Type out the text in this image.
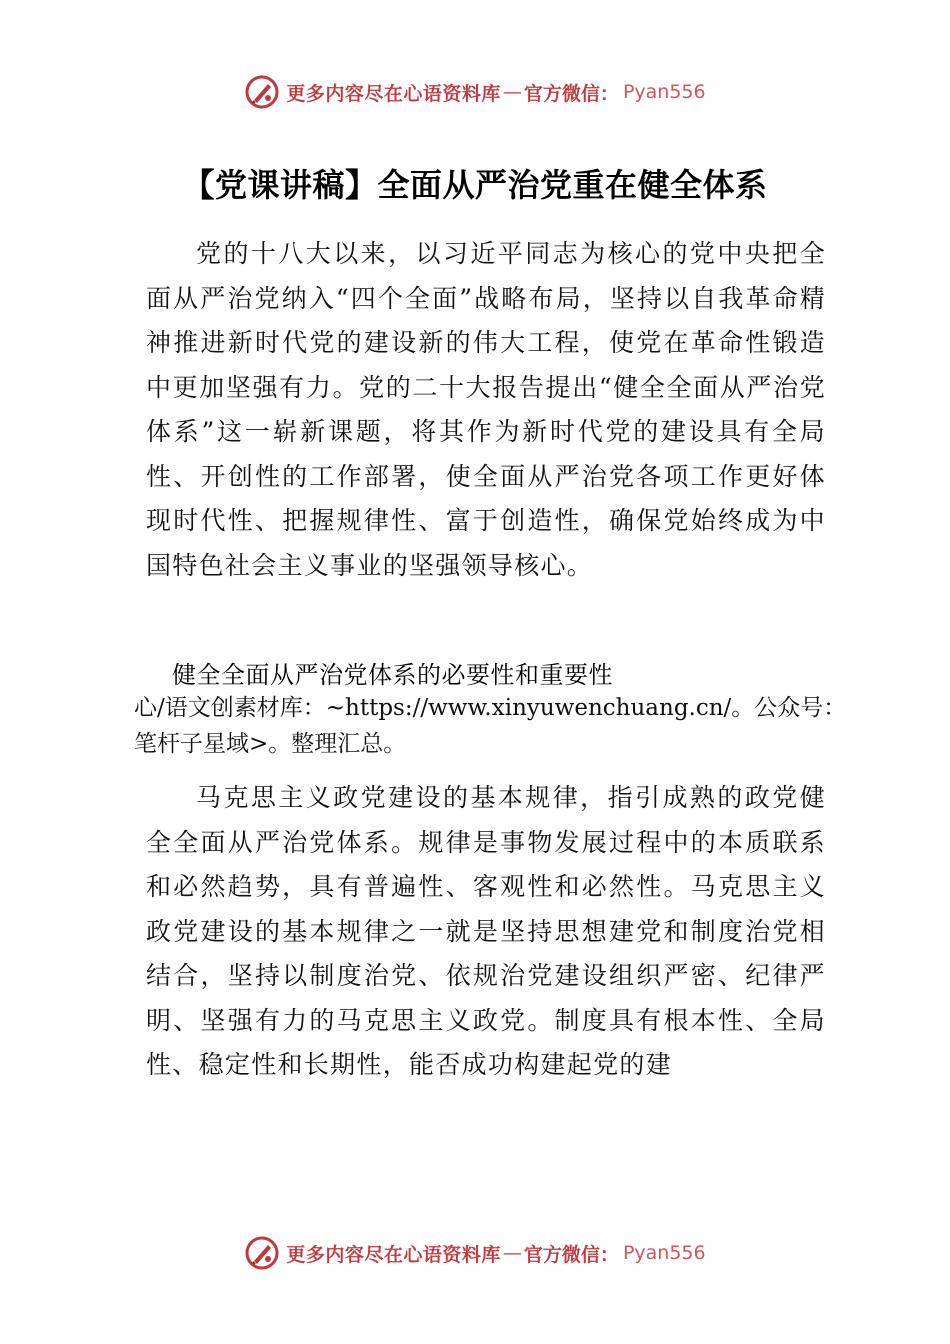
更多内容尽在心语资料库 — 官方微信： Pyan556
【党课讲稿】全面从严治党重在健全体系

党的十八大以来，以习近平同志为核心的党中央把全面从严治党纳入“四个全面”战略布局，坚持以自我革命精神推进新时代党的建设新的伟大工程，使党在革命性锻造中更加坚强有力。党的二十大报告提出“健全全面从严治党体系”这一崭新课题，将其作为新时代党的建设具有全局性、开创性的工作部署，使全面从严治党各项工作更好体现时代性、把握规律性、富于创造性，确保党始终成为中国特色社会主义事业的坚强领导核心。

健全全面从严治党体系的必要性和重要性

心/语文创素材库：~https://www.xinyuwenchuang.cn/。公众号：笔杆子星域>。整理汇总。

马克思主义政党建设的基本规律，指引成熟的政党健全全面从严治党体系。规律是事物发展过程中的本质联系和必然趋势，具有普遍性、客观性和必然性。马克思主义政党建设的基本规律之一就是坚持思想建党和制度治党相结合，坚持以制度治党、依规治党建设组织严密、纪律严明、坚强有力的马克思主义政党。制度具有根本性、全局性、稳定性和长期性，能否成功构建起党的建

更多内容尽在心语资料库 — 官方微信： Pyan556
